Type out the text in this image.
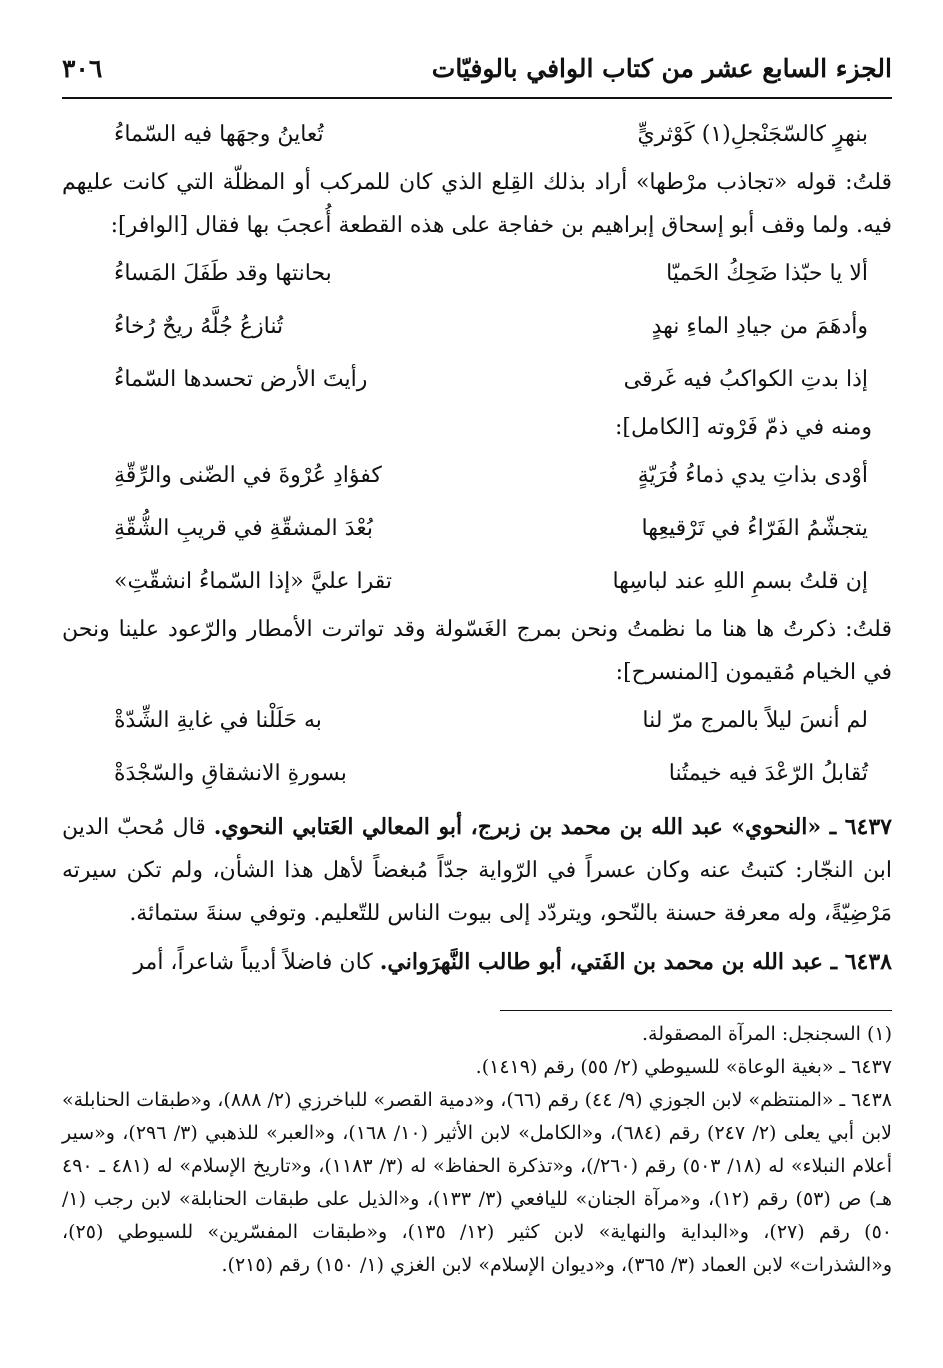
الجزء السابع عشر من كتاب الوافي بالوفيّات
٣٠٦
بنهرٍ كالسّجَنْجلِ(١) كَوْثريٍّ
تُعاينُ وجهَها فيه السّماءُ

قلتُ: قوله «تجاذب مرْطها» أراد بذلك القِلع الذي كان للمركب أو المظلّة التي كانت عليهم فيه. ولما وقف أبو إسحاق إبراهيم بن خفاجة على هذه القطعة أُعجبَ بها فقال [الوافر]:

ألا يا حبّذا ضَحِكُ الحَميّا
بحانتها وقد طَفَلَ المَساءُ
وأدهَمَ من جيادِ الماءِ نهدٍ
تُنازعُ جُلَّهُ ريحٌ رُخاءُ
إذا بدتِ الكواكبُ فيه غَرقى
رأيتَ الأرض تحسدها السّماءُ

ومنه في ذمّ فَرْوته [الكامل]:

أوْدى بذاتِ يدي ذماءُ فُرَيّةٍ
كفؤادِ عُرْوةَ في الضّنى والرِّقّةِ
يتجشّمُ الفَرّاءُ في تَرْقيعِها
بُعْدَ المشقّةِ في قريبِ الشُّقّةِ
إن قلتُ بسمِ اللهِ عند لباسِها
تقرا عليَّ «إذا السّماءُ انشقّتِ»

قلتُ: ذكرتُ ها هنا ما نظمتُ ونحن بمرج الغَسّولة وقد تواترت الأمطار والرّعود علينا ونحن في الخيام مُقيمون [المنسرح]:

لم أنسَ ليلاً بالمرج مرّ لنا
به حَلَلْنا في غايةِ الشِّدّةْ
تُقابلُ الرّعْدَ فيه خيمتُنا
بسورةِ الانشقاقِ والسّجْدَةْ

٦٤٣٧ ـ «النحوي» عبد الله بن محمد بن زبرج، أبو المعالي العَتابي النحوي. قال مُحبّ الدين ابن النجّار: كتبتُ عنه وكان عسراً في الرّواية جدّاً مُبغضاً لأهل هذا الشأن، ولم تكن سيرته مَرْضِيّةً، وله معرفة حسنة بالنّحو، ويتردّد إلى بيوت الناس للتّعليم. وتوفي سنةَ ستمائة.

٦٤٣٨ ـ عبد الله بن محمد بن الفَتي، أبو طالب النَّهرَواني. كان فاضلاً أديباً شاعراً، أمر

(١) السجنجل: المرآة المصقولة.

٦٤٣٧ ـ «بغية الوعاة» للسيوطي (٢/ ٥٥) رقم (١٤١٩).

٦٤٣٨ ـ «المنتظم» لابن الجوزي (٩/ ٤٤) رقم (٦٦)، و«دمية القصر» للباخرزي (٢/ ٨٨٨)، و«طبقات الحنابلة» لابن أبي يعلى (٢/ ٢٤٧) رقم (٦٨٤)، و«الكامل» لابن الأثير (١٠/ ١٦٨)، و«العبر» للذهبي (٣/ ٢٩٦)، و«سير أعلام النبلاء» له (١٨/ ٥٠٣) رقم (٢٦٠/)، و«تذكرة الحفاظ» له (٣/ ١١٨٣)، و«تاريخ الإسلام» له (٤٨١ ـ ٤٩٠ هـ) ص (٥٣) رقم (١٢)، و«مرآة الجنان» لليافعي (٣/ ١٣٣)، و«الذيل على طبقات الحنابلة» لابن رجب (١/ ٥٠) رقم (٢٧)، و«البداية والنهاية» لابن كثير (١٢/ ١٣٥)، و«طبقات المفسّرين» للسيوطي (٢٥)، و«الشذرات» لابن العماد (٣/ ٣٦٥)، و«ديوان الإسلام» لابن الغزي (١/ ١٥٠) رقم (٢١٥).
